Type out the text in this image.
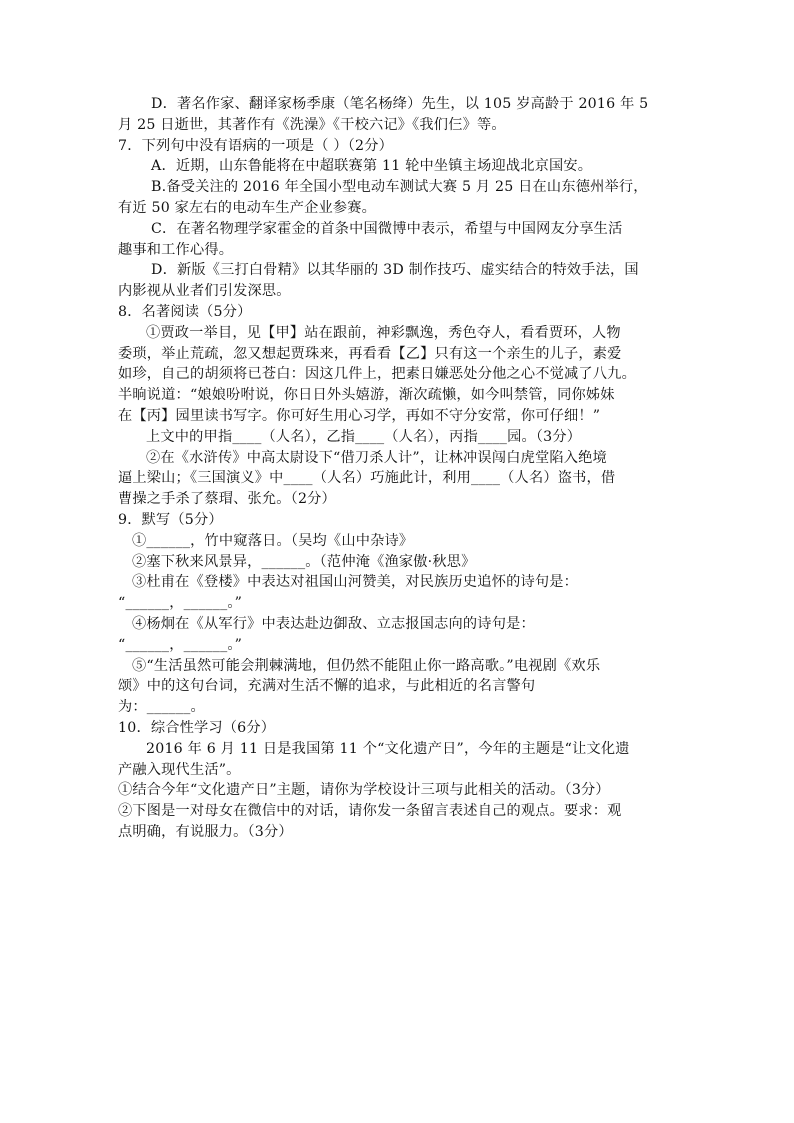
D．著名作家、翻译家杨季康（笔名杨绛）先生，以 105 岁高龄于 2016 年 5
月 25 日逝世，其著作有《洗澡》《干校六记》《我们仨》等。
7．下列句中没有语病的一项是（ ）（2分）
A．近期，山东鲁能将在中超联赛第 11 轮中坐镇主场迎战北京国安。
B.备受关注的 2016 年全国小型电动车测试大赛 5 月 25 日在山东德州举行，
有近 50 家左右的电动车生产企业参赛。
C．在著名物理学家霍金的首条中国微博中表示，希望与中国网友分享生活
趣事和工作心得。
D．新版《三打白骨精》以其华丽的 3D 制作技巧、虚实结合的特效手法，国
内影视从业者们引发深思。
8．名著阅读（5分）
①贾政一举目，见【甲】站在跟前，神彩飘逸，秀色夺人，看看贾环，人物
委琐，举止荒疏，忽又想起贾珠来，再看看【乙】只有这一个亲生的儿子，素爱
如珍，自己的胡须将已苍白：因这几件上，把素日嫌恶处分他之心不觉减了八九。
半晌说道：“娘娘吩咐说，你日日外头嬉游，渐次疏懒，如今叫禁管，同你姊妹
在【丙】园里读书写字。你可好生用心习学，再如不守分安常，你可仔细！”
上文中的甲指____（人名），乙指____（人名），丙指____园。（3分）
②在《水浒传》中高太尉设下“借刀杀人计”，让林冲误闯白虎堂陷入绝境
逼上梁山；《三国演义》中____（人名）巧施此计，利用____（人名）盗书，借
曹操之手杀了蔡瑁、张允。（2分）
9．默写（5分）
①______，竹中窥落日。（吴均《山中杂诗》
②塞下秋来风景异，______。（范仲淹《渔家傲·秋思》
③杜甫在《登楼》中表达对祖国山河赞美，对民族历史追怀的诗句是：
“______，______。”
④杨炯在《从军行》中表达赴边御敌、立志报国志向的诗句是：
“______，______。”
⑤“生活虽然可能会荆棘满地，但仍然不能阻止你一路高歌。”电视剧《欢乐
颂》中的这句台词，充满对生活不懈的追求，与此相近的名言警句
为：______。
10．综合性学习（6分）
2016 年 6 月 11 日是我国第 11 个“文化遗产日”，今年的主题是“让文化遗
产融入现代生活”。
①结合今年“文化遗产日”主题，请你为学校设计三项与此相关的活动。（3分）
②下图是一对母女在微信中的对话，请你发一条留言表述自己的观点。要求：观
点明确，有说服力。（3分）
